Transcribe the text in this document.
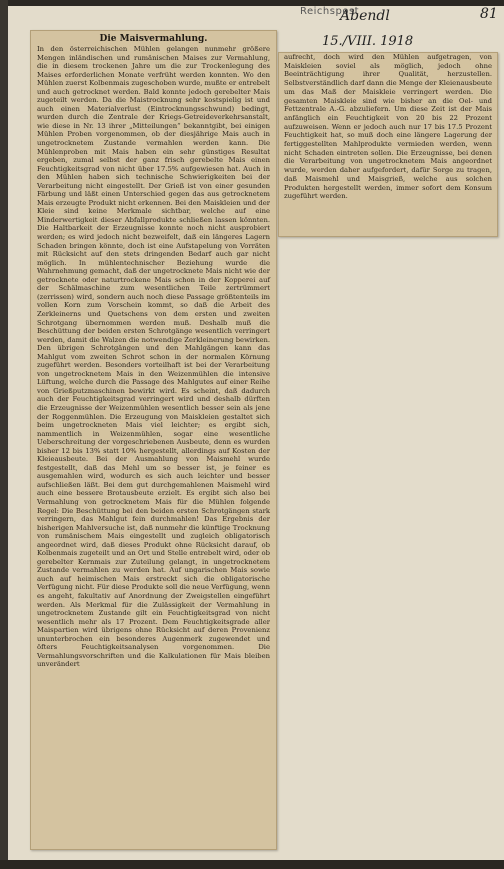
Reichspost
Abendl
15./VIII. 1918
81
Die Maisvermahlung.

In den österreichischen Mühlen gelangen nunmehr größere Mengen inländischen und rumänischen Maises zur Vermahlung, die in diesem trockenen Jahre um die zur Trockenlegung des Maises erforderlichen Monate verfrüht werden konnten. Wo den Mühlen zuerst Kolbenmais zugeschoben wurde, mußte er entrebelt und auch getrocknet werden. Bald konnte jedoch gerebelter Mais zugeteilt werden. Da die Maistrocknung sehr kostspielig ist und auch einen Materialverlust (Eintrocknungsschwund) bedingt, wurden durch die Zentrale der Kriegs-Getreideverkehrsanstalt, wie diese in Nr. 13 ihrer „Mitteilungen“ bekanntgibt, bei einigen Mühlen Proben vorgenommen, ob der diesjährige Mais auch in ungetrocknetem Zustande vermahlen werden kann. Die Mühlenproben mit Mais haben ein sehr günstiges Resultat ergeben, zumal selbst der ganz frisch gerebelte Mais einen Feuchtigkeitsgrad von nicht über 17.5% aufgewiesen hat. Auch in den Mühlen haben sich technische Schwierigkeiten bei der Verarbeitung nicht eingestellt. Der Grieß ist von einer gesunden Färbung und läßt einen Unterschied gegen das aus getrocknetem Mais erzeugte Produkt nicht erkennen. Bei den Maiskleien und der Kleie sind keine Merkmale sichtbar, welche auf eine Minderwertigkeit dieser Abfallprodukte schließen lassen könnten. Die Haltbarkeit der Erzeugnisse konnte noch nicht ausprobiert werden; es wird jedoch nicht bezweifelt, daß ein längeres Lagern Schaden bringen könnte, doch ist eine Aufstapelung von Vorräten mit Rücksicht auf den stets dringenden Bedarf auch gar nicht möglich. In mühlentechnischer Beziehung wurde die Wahrnehmung gemacht, daß der ungetrocknete Mais nicht wie der getrocknete oder naturtrockene Mais schon in der Kopperei auf der Schälmaschine zum wesentlichen Teile zertrümmert (zerrissen) wird, sondern auch noch diese Passage größtenteils im vollen Korn zum Vorschein kommt, so daß die Arbeit des Zerkleinerns und Quetschens von dem ersten und zweiten Schrotgang übernommen werden muß. Deshalb muß die Beschüttung der beiden ersten Schrotgänge wesentlich verringert werden, damit die Walzen die notwendige Zerkleinerung bewirken. Den übrigen Schrotgängen und den Mahlgängen kann das Mahlgut vom zweiten Schrot schon in der normalen Körnung zugeführt werden. Besonders vorteilhaft ist bei der Verarbeitung von ungetrocknetem Mais in den Weizenmühlen die intensive Lüftung, welche durch die Passage des Mahlgutes auf einer Reihe von Grießputzmaschinen bewirkt wird. Es scheint, daß dadurch auch der Feuchtigkeitsgrad verringert wird und deshalb dürften die Erzeugnisse der Weizenmühlen wesentlich besser sein als jene der Roggenmühlen. Die Erzeugung von Maiskleien gestaltet sich beim ungetrockneten Mais viel leichter; es ergibt sich, nammentlich in Weizenmühlen, sogar eine wesentliche Ueberschreitung der vorgeschriebenen Ausbeute, denn es wurden bisher 12 bis 13% statt 10% hergestellt, allerdings auf Kosten der Kleieausbeute. Bei der Ausmahlung von Maismehl wurde festgestellt, daß das Mehl um so besser ist, je feiner es ausgemahlen wird, wodurch es sich auch leichter und besser aufschließen läßt. Bei dem gut durchgemahlenen Maismehl wird auch eine bessere Brotausbeute erzielt. Es ergibt sich also bei Vermahlung von getrocknetem Mais für die Mühlen folgende Regel: Die Beschüttung bei den beiden ersten Schrotgängen stark verringern, das Mahlgut fein durchmahlen! Das Ergebnis der bisherigen Mahlversuche ist, daß nunmehr die künftige Trocknung von rumänischem Mais eingestellt und zugleich obligatorisch angeordnet wird, daß dieses Produkt ohne Rücksicht darauf, ob Kolbenmais zugeteilt und an Ort und Stelle entrebelt wird, oder ob gerebelter Kernmais zur Zuteilung gelangt, in ungetrocknetem Zustande vermahlen zu werden hat. Auf ungarischen Mais sowie auch auf heimischen Mais erstreckt sich die obligatorische Verfügung nicht. Für diese Produkte soll die neue Verfügung, wenn es angeht, fakultativ auf Anordnung der Zweigstellen eingeführt werden. Als Merkmal für die Zulässigkeit der Vermahlung in ungetrocknetem Zustande gilt ein Feuchtigkeitsgrad von nicht wesentlich mehr als 17 Prozent. Dem Feuchtigkeitsgrade aller Maispartien wird übrigens ohne Rücksicht auf deren Provenienz ununterbrochen ein besonderes Augenmerk zugewendet und öfters Feuchtigkeitsanalysen vorgenommen. Die Vermahlungsvorschriften und die Kalkulationen für Mais bleiben unverändert

aufrecht, doch wird den Mühlen aufgetragen, von Maiskleien soviel als möglich, jedoch ohne Beeinträchtigung ihrer Qualität, herzustellen. Selbstverständlich darf dann die Menge der Kleienausbeute um das Maß der Maiskleie verringert werden. Die gesamten Maiskleie sind wie bisher an die Oel- und Fettzentrale A.-G. abzuliefern. Um diese Zeit ist der Mais anfänglich ein Feuchtigkeit von 20 bis 22 Prozent aufzuweisen. Wenn er jedoch auch nur 17 bis 17.5 Prozent Feuchtigkeit hat, so muß doch eine längere Lagerung der fertiggestellten Mahlprodukte vermieden werden, wenn nicht Schaden eintreten sollen. Die Erzeugnisse, bei denen die Verarbeitung von ungetrocknetem Mais angeordnet wurde, werden daher aufgefordert, dafür Sorge zu tragen, daß Maismehl und Maisgrieß, welche aus solchen Produkten hergestellt werden, immer sofort dem Konsum zugeführt werden.
